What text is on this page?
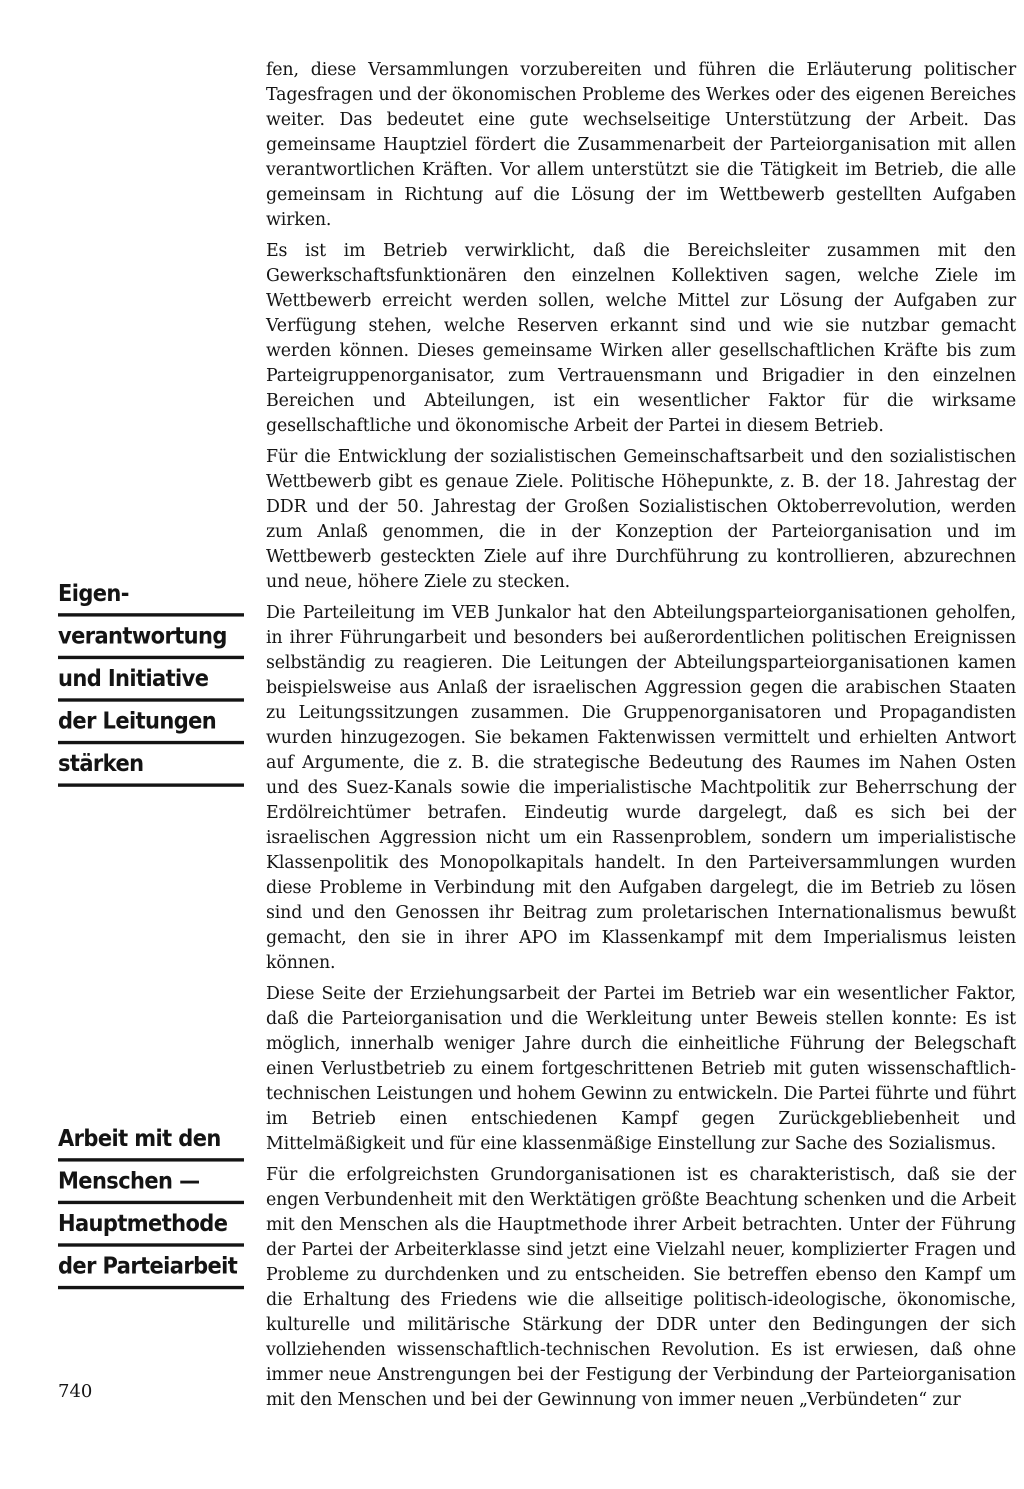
Eigen-
verantwortung
und Initiative
der Leitungen
stärken
Arbeit mit den
Menschen —
Hauptmethode
der Parteiarbeit

fen, diese Versammlungen vorzubereiten und führen die Erläuterung politischer Tagesfragen und der ökonomischen Probleme des Werkes oder des eigenen Bereiches weiter. Das bedeutet eine gute wechselseitige Unterstützung der Arbeit. Das gemeinsame Hauptziel fördert die Zusammenarbeit der Parteiorganisation mit allen verantwortlichen Kräften. Vor allem unterstützt sie die Tätigkeit im Betrieb, die alle gemeinsam in Richtung auf die Lösung der im Wettbewerb gestellten Aufgaben wirken.

Es ist im Betrieb verwirklicht, daß die Bereichsleiter zusammen mit den Gewerkschaftsfunktionären den einzelnen Kollektiven sagen, welche Ziele im Wettbewerb erreicht werden sollen, welche Mittel zur Lösung der Aufgaben zur Verfügung stehen, welche Reserven erkannt sind und wie sie nutzbar gemacht werden können. Dieses gemeinsame Wirken aller gesellschaftlichen Kräfte bis zum Parteigruppenorganisator, zum Vertrauensmann und Brigadier in den einzelnen Bereichen und Abteilungen, ist ein wesentlicher Faktor für die wirksame gesellschaftliche und ökonomische Arbeit der Partei in diesem Betrieb.

Für die Entwicklung der sozialistischen Gemeinschaftsarbeit und den sozialistischen Wettbewerb gibt es genaue Ziele. Politische Höhepunkte, z. B. der 18. Jahrestag der DDR und der 50. Jahrestag der Großen Sozialistischen Oktoberrevolution, werden zum Anlaß genommen, die in der Konzeption der Parteiorganisation und im Wettbewerb gesteckten Ziele auf ihre Durchführung zu kontrollieren, abzurechnen und neue, höhere Ziele zu stecken.

Die Parteileitung im VEB Junkalor hat den Abteilungsparteiorganisationen geholfen, in ihrer Führungarbeit und besonders bei außerordentlichen politischen Ereignissen selbständig zu reagieren. Die Leitungen der Abteilungsparteiorganisationen kamen beispielsweise aus Anlaß der israelischen Aggression gegen die arabischen Staaten zu Leitungssitzungen zusammen. Die Gruppenorganisatoren und Propagandisten wurden hinzugezogen. Sie bekamen Faktenwissen vermittelt und erhielten Antwort auf Argumente, die z. B. die strategische Bedeutung des Raumes im Nahen Osten und des Suez-Kanals sowie die imperialistische Machtpolitik zur Beherrschung der Erdölreichtümer betrafen. Eindeutig wurde dargelegt, daß es sich bei der israelischen Aggression nicht um ein Rassenproblem, sondern um imperialistische Klassenpolitik des Monopolkapitals handelt. In den Parteiversammlungen wurden diese Probleme in Verbindung mit den Aufgaben dargelegt, die im Betrieb zu lösen sind und den Genossen ihr Beitrag zum proletarischen Internationalismus bewußt gemacht, den sie in ihrer APO im Klassenkampf mit dem Imperialismus leisten können.

Diese Seite der Erziehungsarbeit der Partei im Betrieb war ein wesentlicher Faktor, daß die Parteiorganisation und die Werkleitung unter Beweis stellen konnte: Es ist möglich, innerhalb weniger Jahre durch die einheitliche Führung der Belegschaft einen Verlustbetrieb zu einem fortgeschrittenen Betrieb mit guten wissenschaftlich-technischen Leistungen und hohem Gewinn zu entwickeln. Die Partei führte und führt im Betrieb einen entschiedenen Kampf gegen Zurückgebliebenheit und Mittelmäßigkeit und für eine klassenmäßige Einstellung zur Sache des Sozialismus.

Für die erfolgreichsten Grundorganisationen ist es charakteristisch, daß sie der engen Verbundenheit mit den Werktätigen größte Beachtung schenken und die Arbeit mit den Menschen als die Hauptmethode ihrer Arbeit betrachten. Unter der Führung der Partei der Arbeiterklasse sind jetzt eine Vielzahl neuer, komplizierter Fragen und Probleme zu durchdenken und zu entscheiden. Sie betreffen ebenso den Kampf um die Erhaltung des Friedens wie die allseitige politisch-ideologische, ökonomische, kulturelle und militärische Stärkung der DDR unter den Bedingungen der sich vollziehenden wissenschaftlich-technischen Revolution. Es ist erwiesen, daß ohne immer neue Anstrengungen bei der Festigung der Verbindung der Parteiorganisation mit den Menschen und bei der Gewinnung von immer neuen „Verbündeten“ zur

740
